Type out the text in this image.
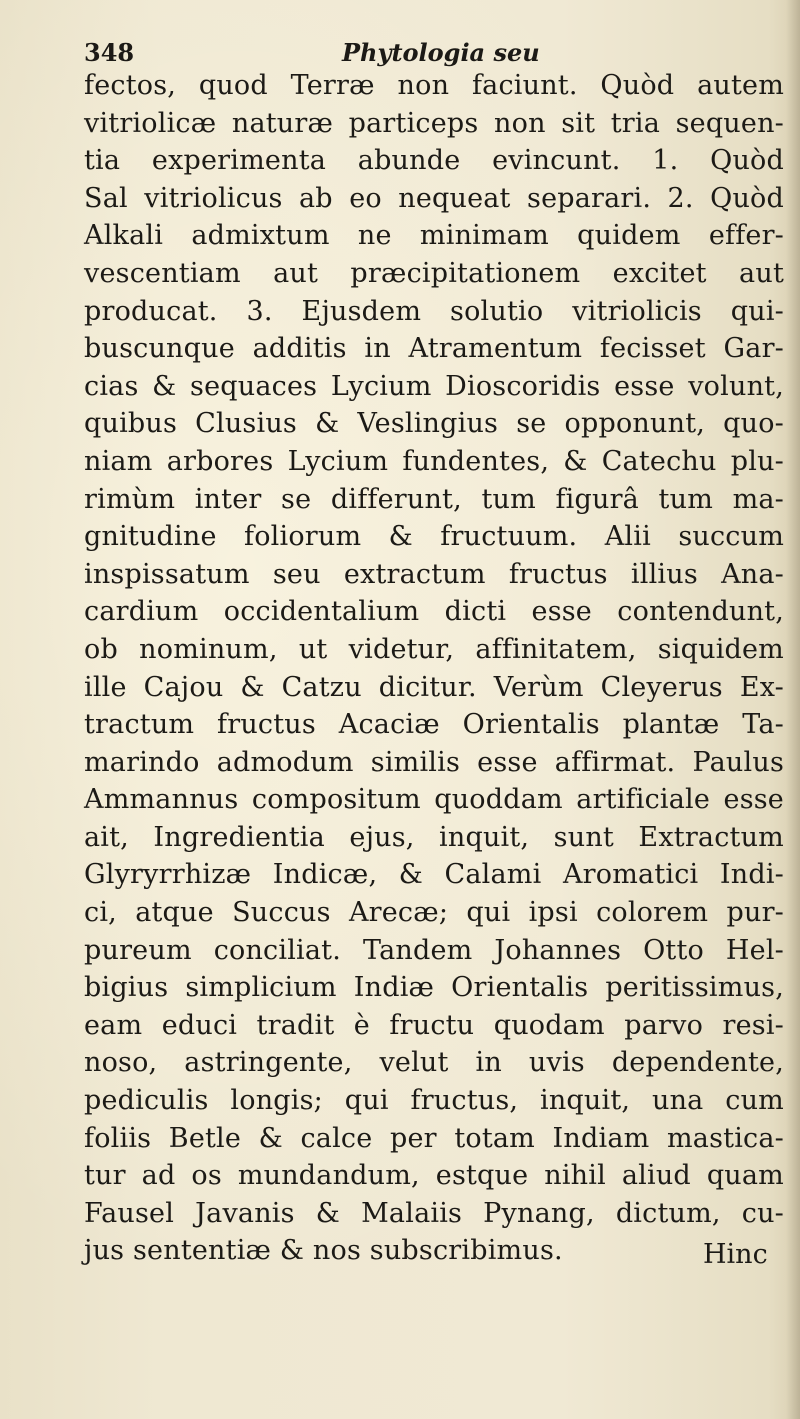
348	Phytologia seu
fectos, quod Terræ non faciunt. Quòd autem
vitriolicæ naturæ particeps non sit tria sequen-
tia experimenta abunde evincunt. 1. Quòd
Sal vitriolicus ab eo nequeat separari. 2. Quòd
Alkali admixtum ne minimam quidem effer-
vescentiam aut præcipitationem excitet aut
producat. 3. Ejusdem solutio vitriolicis qui-
buscunque additis in Atramentum fecisset Gar-
cias & sequaces Lycium Dioscoridis esse volunt,
quibus Clusius & Veslingius se opponunt, quo-
niam arbores Lycium fundentes, & Catechu plu-
rimùm inter se differunt, tum figurâ tum ma-
gnitudine foliorum & fructuum. Alii succum
inspissatum seu extractum fructus illius Ana-
cardium occidentalium dicti esse contendunt,
ob nominum, ut videtur, affinitatem, siquidem
ille Cajou & Catzu dicitur. Verùm Cleyerus Ex-
tractum fructus Acaciæ Orientalis plantæ Ta-
marindo admodum similis esse affirmat. Paulus
Ammannus compositum quoddam artificiale esse
ait, Ingredientia ejus, inquit, sunt Extractum
Glyryrrhizæ Indicæ, & Calami Aromatici Indi-
ci, atque Succus Arecæ; qui ipsi colorem pur-
pureum conciliat. Tandem Johannes Otto Hel-
bigius simplicium Indiæ Orientalis peritissimus,
eam educi tradit è fructu quodam parvo resi-
noso, astringente, velut in uvis dependente,
pediculis longis; qui fructus, inquit, una cum
foliis Betle & calce per totam Indiam mastica-
tur ad os mundandum, estque nihil aliud quam
Fausel Javanis & Malaiis Pynang, dictum, cu-
jus sententiæ & nos subscribimus.	Hinc
